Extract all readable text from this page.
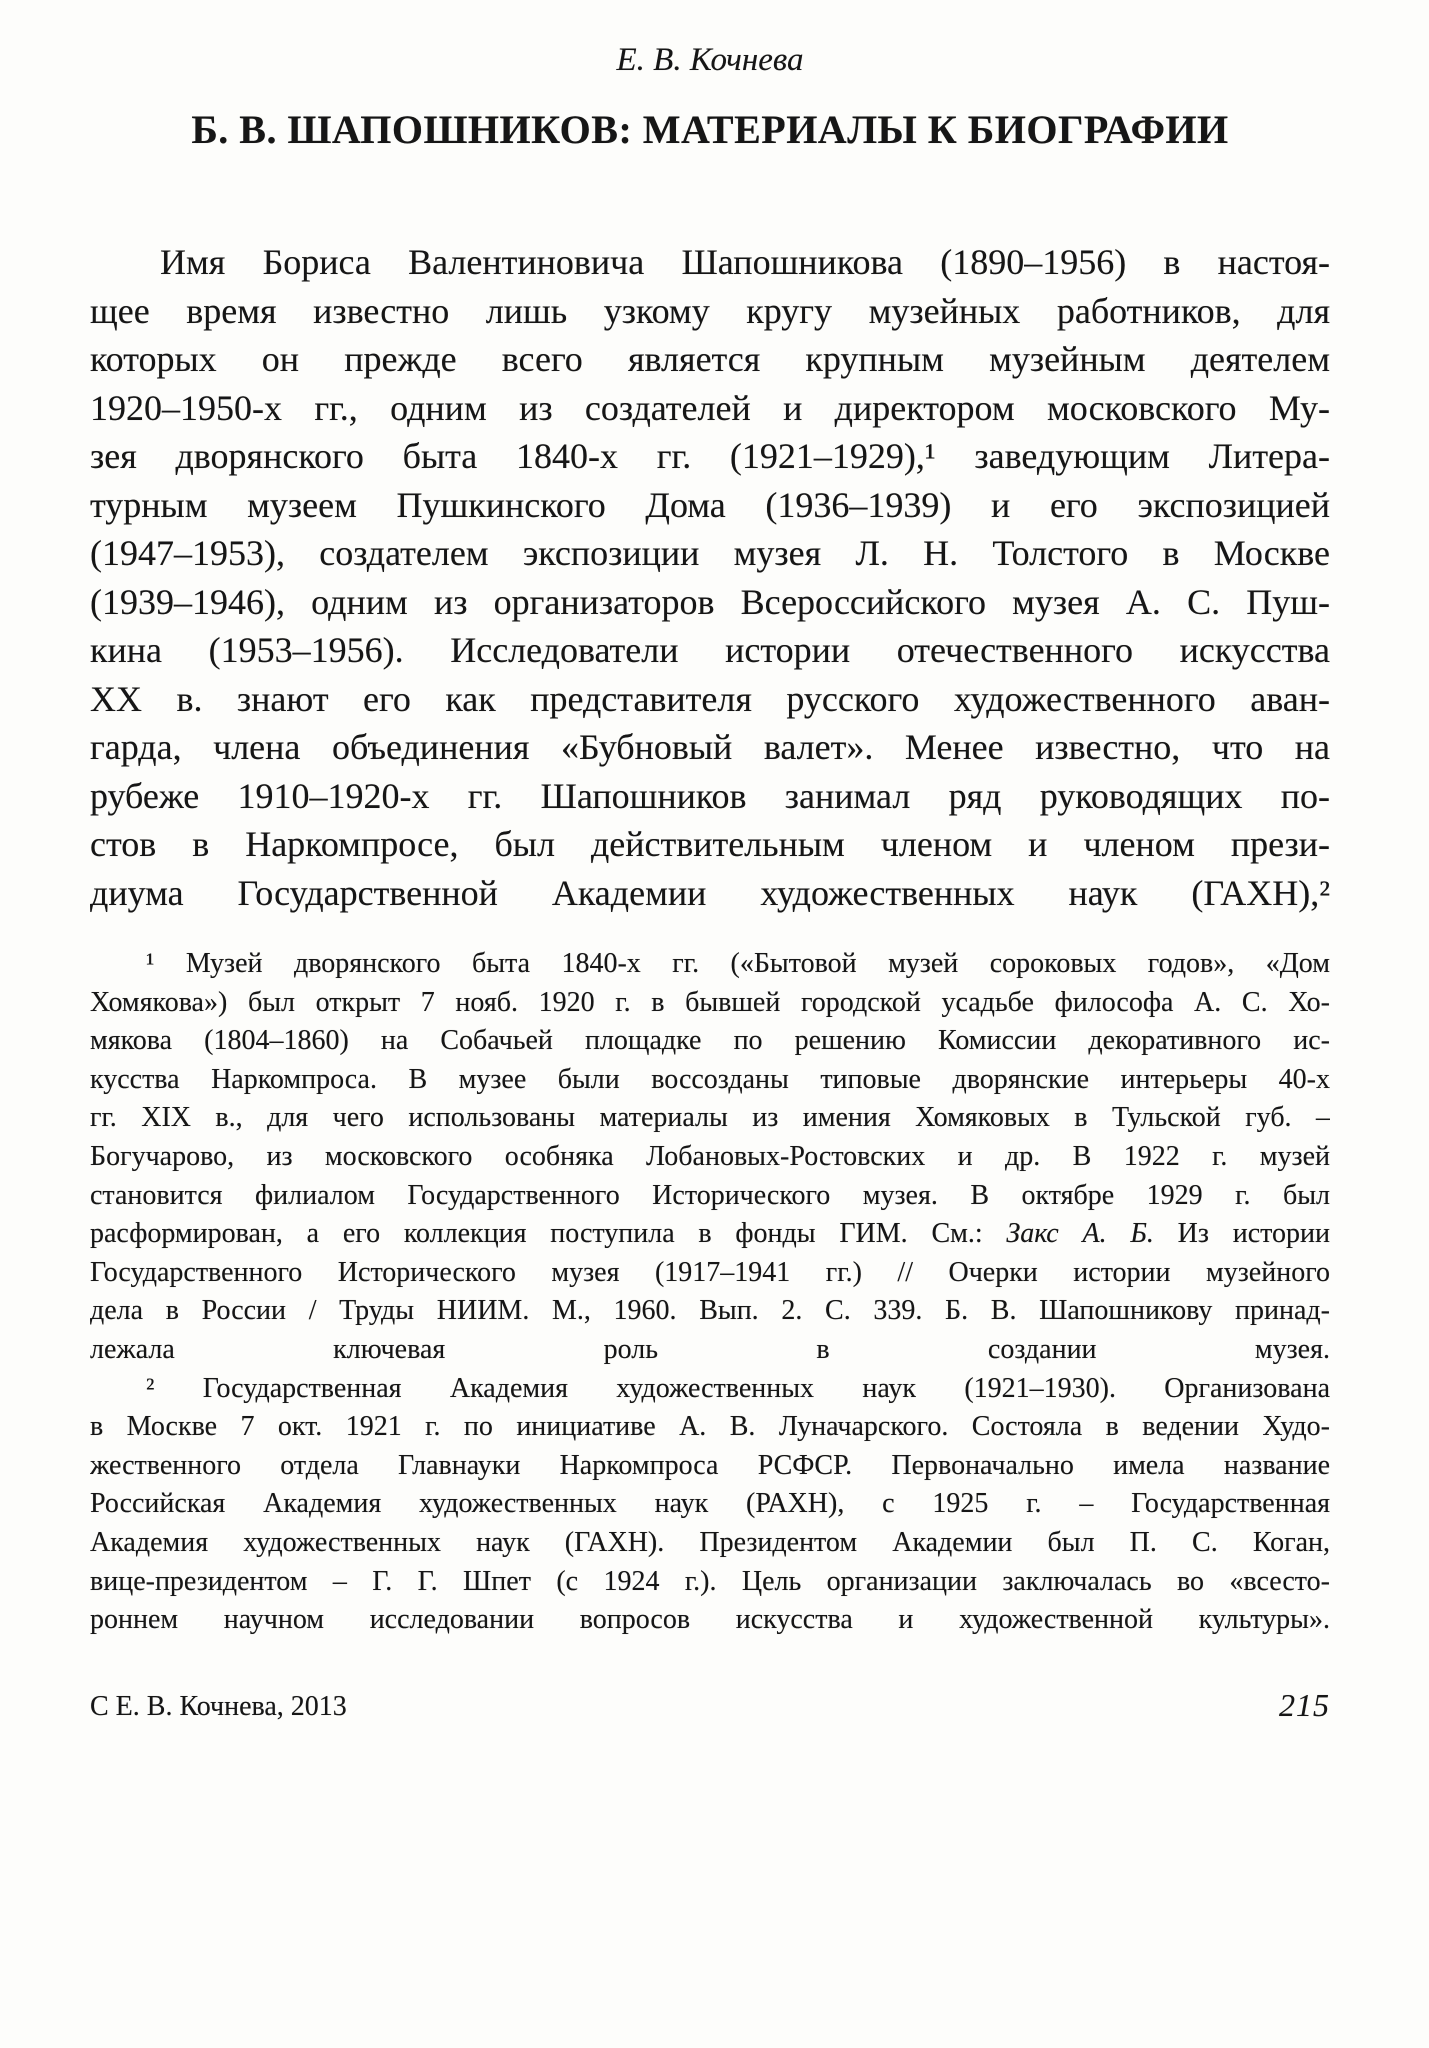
Е. В. Кочнева
Б. В. ШАПОШНИКОВ: МАТЕРИАЛЫ К БИОГРАФИИ
Имя Бориса Валентиновича Шапошникова (1890–1956) в настоя-
щее время известно лишь узкому кругу музейных работников, для
которых он прежде всего является крупным музейным деятелем
1920–1950-х гг., одним из создателей и директором московского Му-
зея дворянского быта 1840-х гг. (1921–1929),¹ заведующим Литера-
турным музеем Пушкинского Дома (1936–1939) и его экспозицией
(1947–1953), создателем экспозиции музея Л. Н. Толстого в Москве
(1939–1946), одним из организаторов Всероссийского музея А. С. Пуш-
кина (1953–1956). Исследователи истории отечественного искусства
XX в. знают его как представителя русского художественного аван-
гарда, члена объединения «Бубновый валет». Менее известно, что на
рубеже 1910–1920-х гг. Шапошников занимал ряд руководящих по-
стов в Наркомпросе, был действительным членом и членом прези-
диума Государственной Академии художественных наук (ГАХН),²
¹ Музей дворянского быта 1840-х гг. («Бытовой музей сороковых годов», «Дом
Хомякова») был открыт 7 нояб. 1920 г. в бывшей городской усадьбе философа А. С. Хо-
мякова (1804–1860) на Собачьей площадке по решению Комиссии декоративного ис-
кусства Наркомпроса. В музее были воссозданы типовые дворянские интерьеры 40-х
гг. XIX в., для чего использованы материалы из имения Хомяковых в Тульской губ. –
Богучарово, из московского особняка Лобановых-Ростовских и др. В 1922 г. музей
становится филиалом Государственного Исторического музея. В октябре 1929 г. был
расформирован, а его коллекция поступила в фонды ГИМ. См.: Закс А. Б. Из истории
Государственного Исторического музея (1917–1941 гг.) // Очерки истории музейного
дела в России / Труды НИИМ. М., 1960. Вып. 2. С. 339. Б. В. Шапошникову принад-
лежала ключевая роль в создании музея.
² Государственная Академия художественных наук (1921–1930). Организована
в Москве 7 окт. 1921 г. по инициативе А. В. Луначарского. Состояла в ведении Худо-
жественного отдела Главнауки Наркомпроса РСФСР. Первоначально имела название
Российская Академия художественных наук (РАХН), с 1925 г. – Государственная
Академия художественных наук (ГАХН). Президентом Академии был П. С. Коган,
вице-президентом – Г. Г. Шпет (с 1924 г.). Цель организации заключалась во «всесто-
роннем научном исследовании вопросов искусства и художественной культуры».
С Е. В. Кочнева, 2013	215
